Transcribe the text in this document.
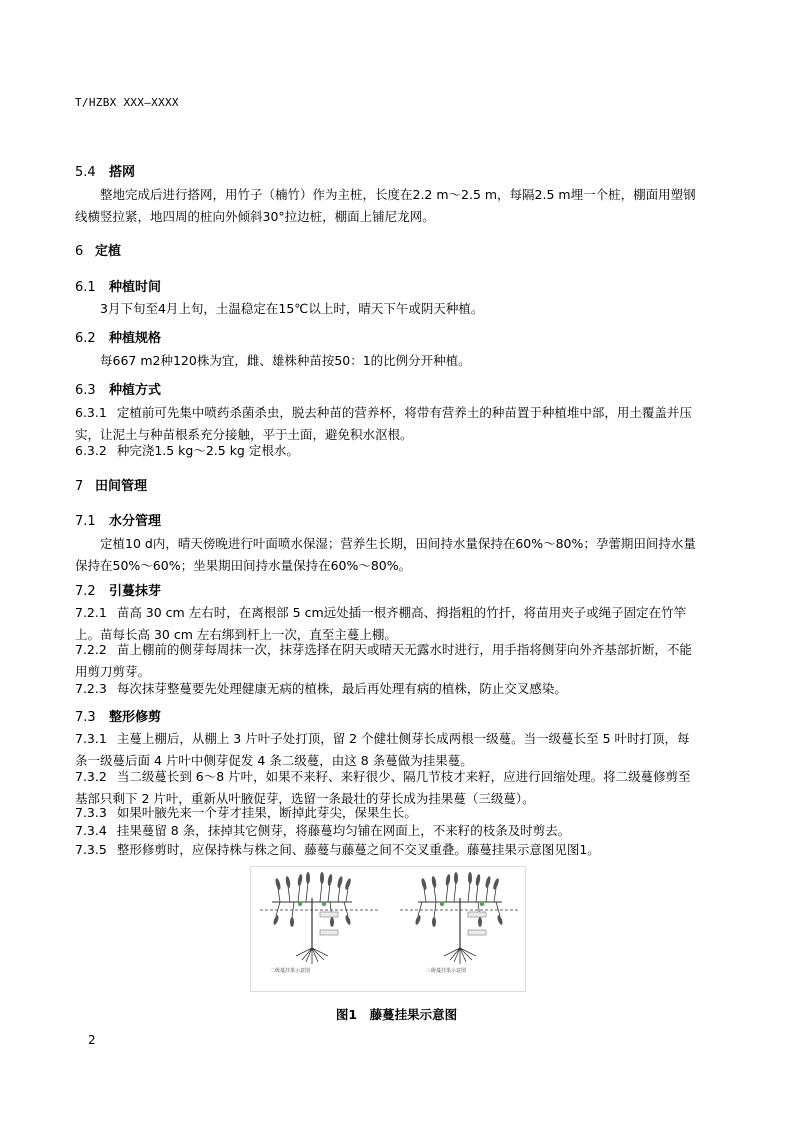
T/HZBX XXX—XXXX
5.4 搭网
整地完成后进行搭网，用竹子（楠竹）作为主桩，长度在2.2 m～2.5 m，每隔2.5 m埋一个桩，棚面用塑钢线横竖拉紧，地四周的桩向外倾斜30°拉边桩，棚面上铺尼龙网。
6 定植
6.1 种植时间
3月下旬至4月上旬，土温稳定在15℃以上时，晴天下午或阴天种植。
6.2 种植规格
每667 m2种120株为宜，雌、雄株种苗按50：1的比例分开种植。
6.3 种植方式
6.3.1 定植前可先集中喷药杀菌杀虫，脱去种苗的营养杯，将带有营养土的种苗置于种植堆中部，用土覆盖并压实，让泥土与种苗根系充分接触，平于土面，避免积水沤根。
6.3.2 种完浇1.5 kg～2.5 kg 定根水。
7 田间管理
7.1 水分管理
定植10 d内，晴天傍晚进行叶面喷水保湿；营养生长期，田间持水量保持在60%～80%；孕蕾期田间持水量保持在50%～60%；坐果期田间持水量保持在60%～80%。
7.2 引蔓抹芽
7.2.1 苗高 30 cm 左右时，在离根部 5 cm远处插一根齐棚高、拇指粗的竹扦，将苗用夹子或绳子固定在竹竿上。苗每长高 30 cm 左右绑到杆上一次，直至主蔓上棚。
7.2.2 苗上棚前的侧芽每周抹一次，抹芽选择在阴天或晴天无露水时进行，用手指将侧芽向外齐基部折断，不能用剪刀剪芽。
7.2.3 每次抹芽整蔓要先处理健康无病的植株，最后再处理有病的植株，防止交叉感染。
7.3 整形修剪
7.3.1 主蔓上棚后，从棚上 3 片叶子处打顶，留 2 个健壮侧芽长成两根一级蔓。当一级蔓长至 5 叶时打顶，每条一级蔓后面 4 片叶中侧芽促发 4 条二级蔓，由这 8 条蔓做为挂果蔓。
7.3.2 当二级蔓长到 6～8 片叶，如果不来籽、来籽很少、隔几节枝才来籽，应进行回缩处理。将二级蔓修剪至基部只剩下 2 片叶，重新从叶腋促芽，选留一条最壮的芽长成为挂果蔓（三级蔓）。
7.3.3 如果叶腋先来一个芽才挂果，断掉此芽尖，保果生长。
7.3.4 挂果蔓留 8 条，抹掉其它侧芽，将藤蔓均匀铺在网面上，不来籽的枝条及时剪去。
7.3.5 整形修剪时，应保持株与株之间、藤蔓与藤蔓之间不交叉重叠。藤蔓挂果示意图见图1。
二级蔓挂果示意图	三级蔓挂果示意图
图1　藤蔓挂果示意图
2
